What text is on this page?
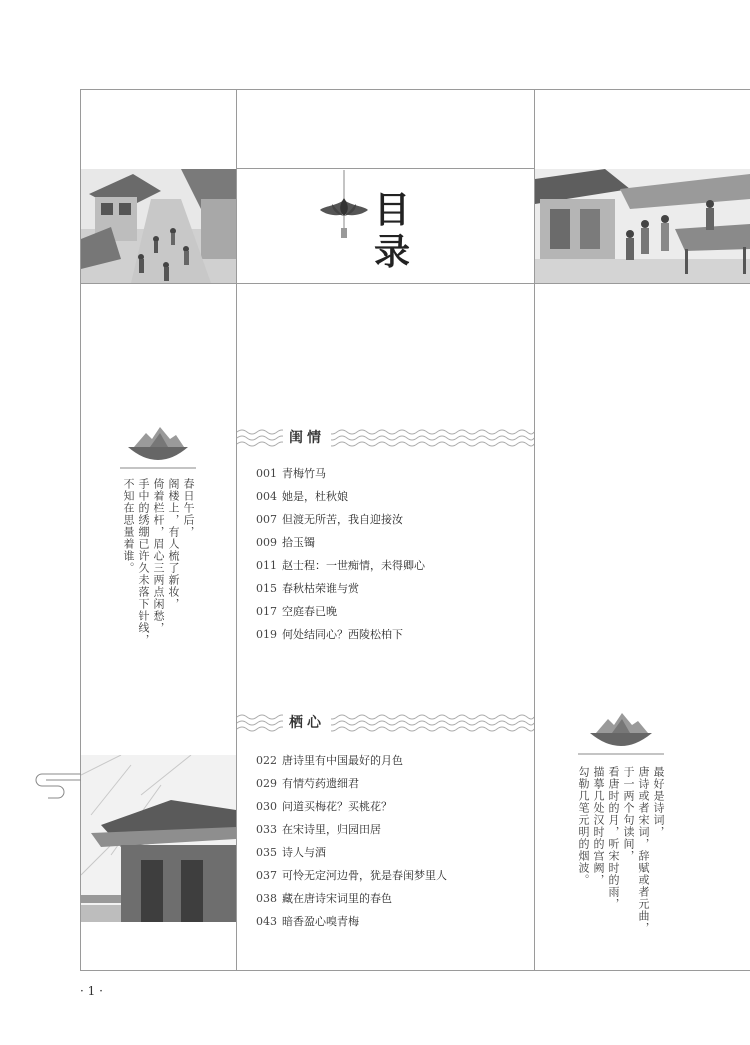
目
录
闺情
001 青梅竹马
004 她是，杜秋娘
007 但渡无所苦，我自迎接汝
009 拾玉镯
011 赵士程：一世痴情，未得卿心
015 春秋枯荣谁与赏
017 空庭春已晚
019 何处结同心？西陵松柏下
栖心
022 唐诗里有中国最好的月色
029 有情芍药遗细君
030 问道买梅花？买桃花？
033 在宋诗里，归园田居
035 诗人与酒
037 可怜无定河边骨，犹是春闺梦里人
038 藏在唐诗宋词里的春色
043 暗香盈心嗅青梅
春日午后，
阁楼上，有人梳了新妆，
倚着栏杆，眉心三两点闲愁，
手中的绣绷已许久未落下针线，
不知在思量着谁。
最好是诗词，
唐诗或者宋词，辞赋或者元曲，
于一两个句读间，
看唐时的月，听宋时的雨，
描摹几处汉时的宫阙，
勾勒几笔元明的烟波。
· 1 ·
